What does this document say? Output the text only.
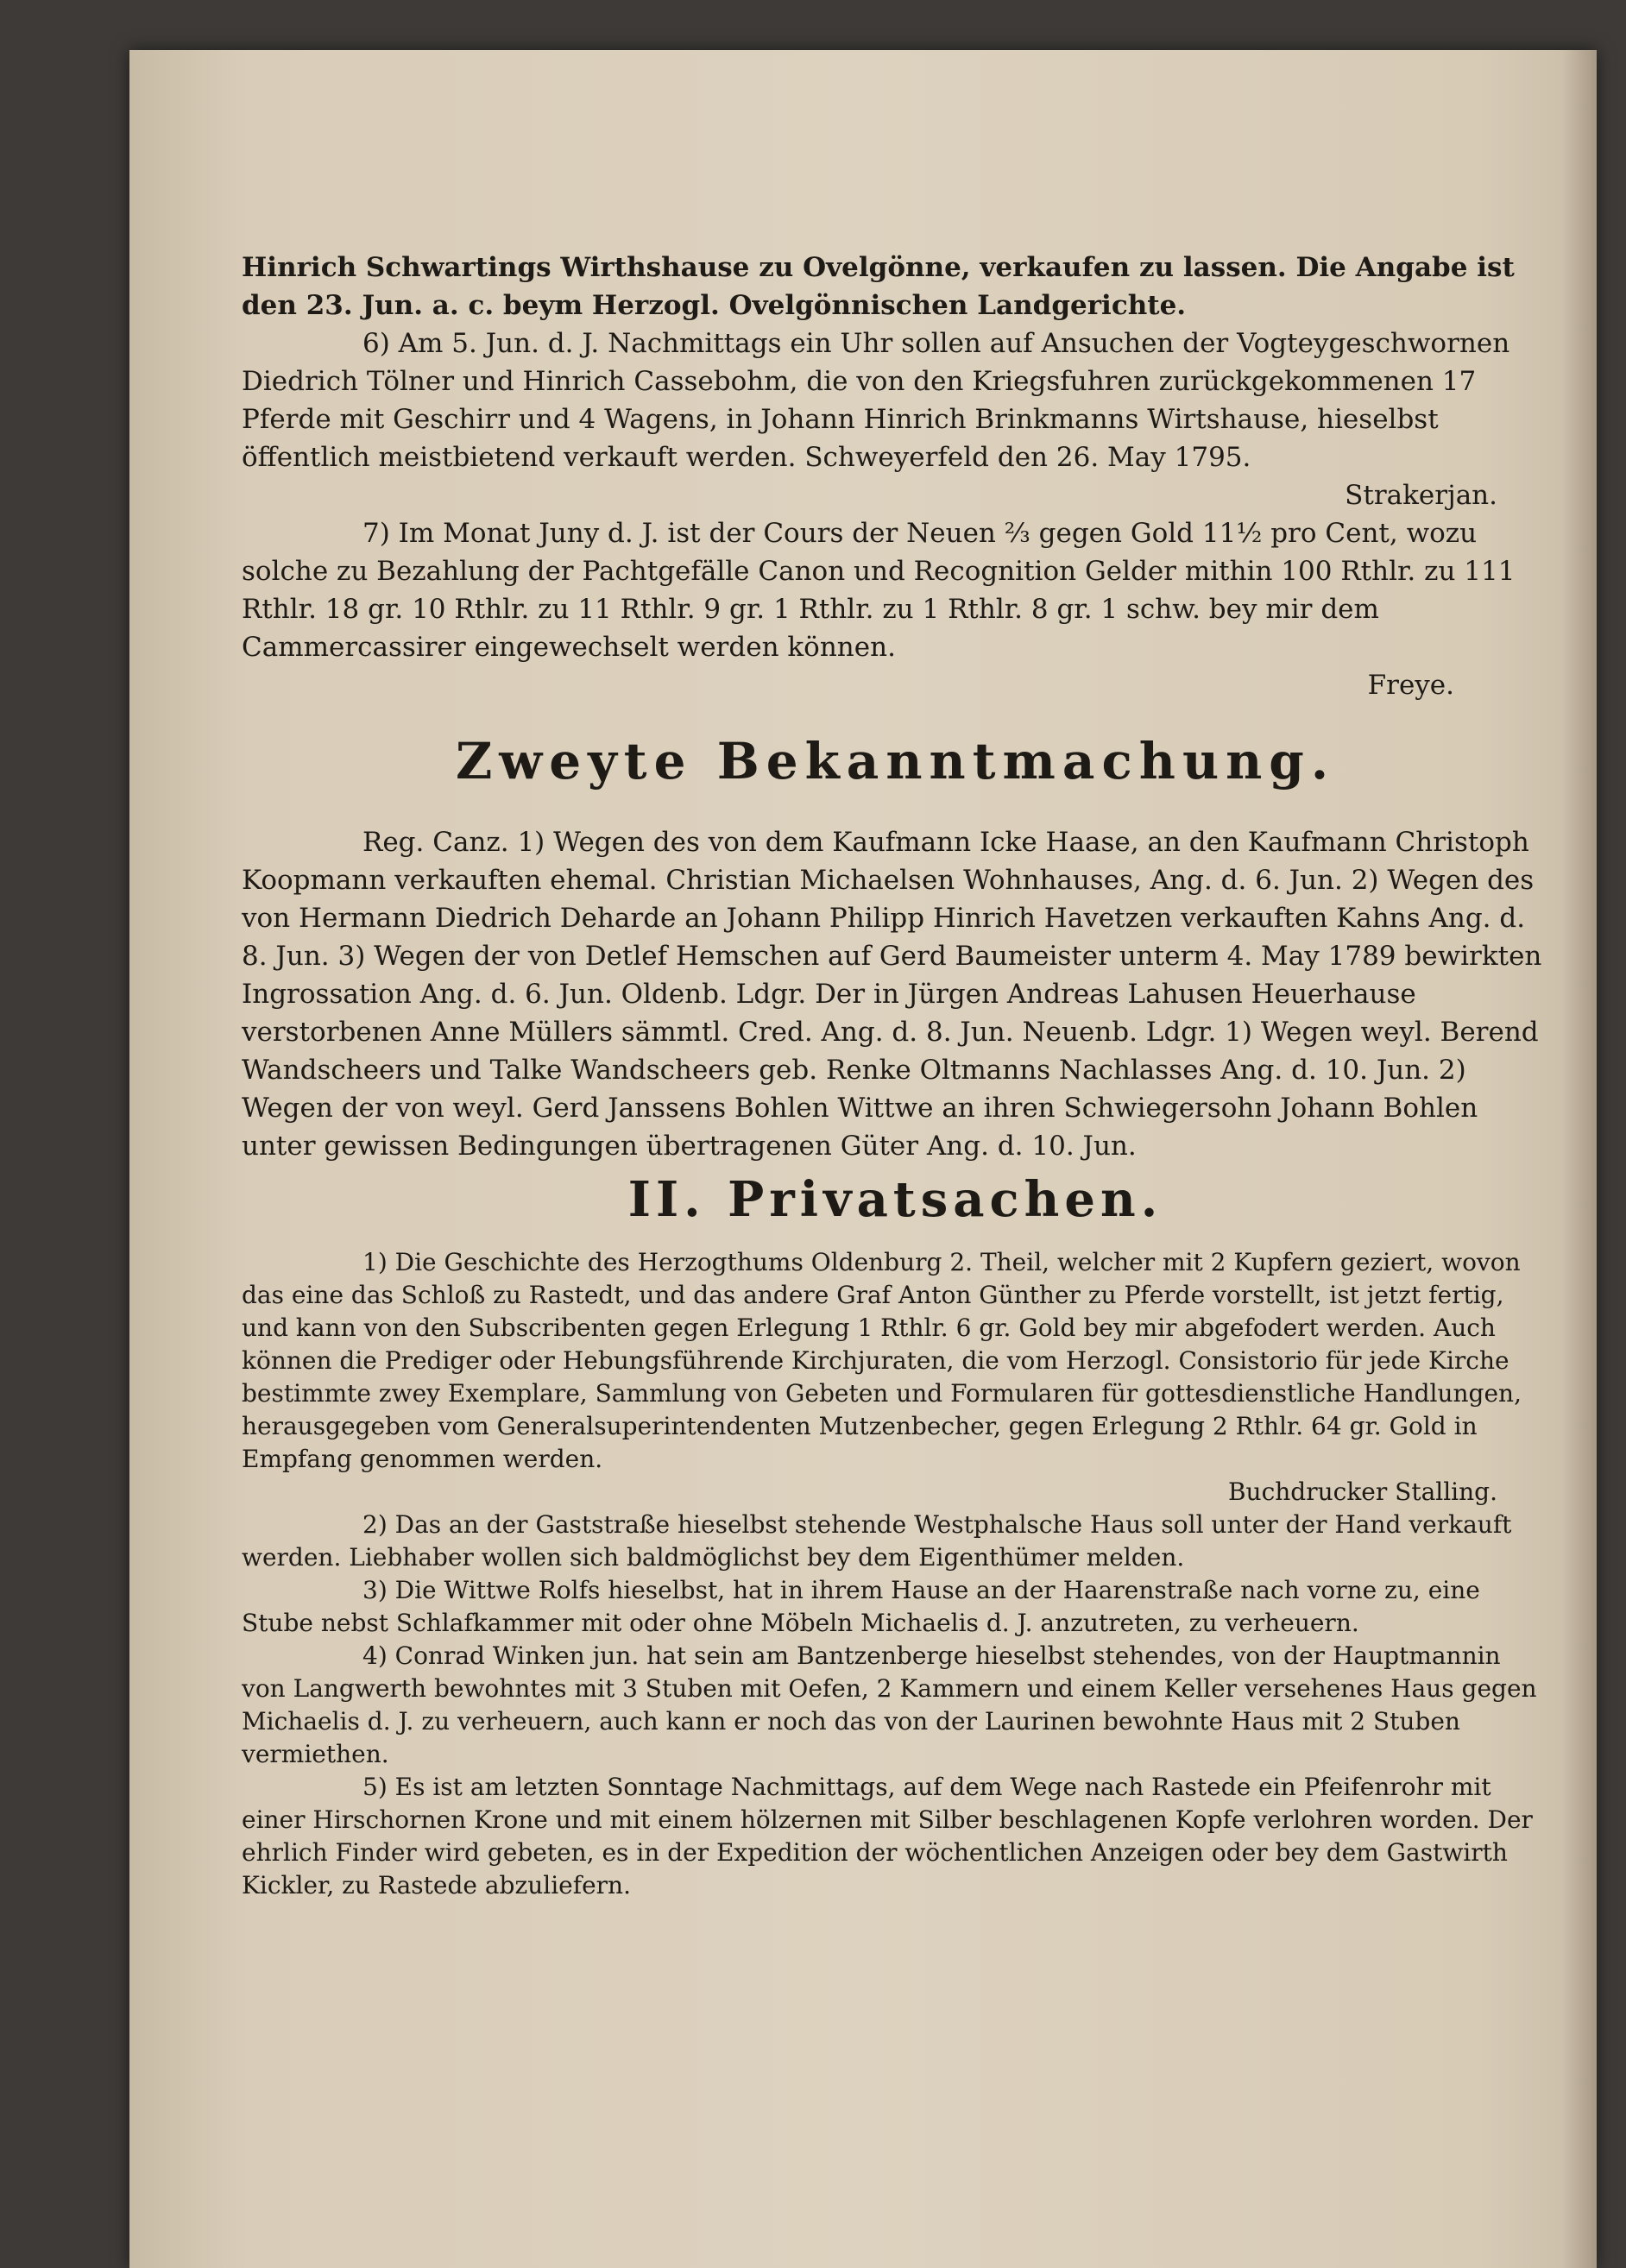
Hinrich Schwartings Wirthshause zu Ovelgönne, verkaufen zu lassen. Die Angabe ist den 23. Jun. a. c. beym Herzogl. Ovelgönnischen Landgerichte.

6) Am 5. Jun. d. J. Nachmittags ein Uhr sollen auf Ansuchen der Vogteygeschwornen Diedrich Tölner und Hinrich Cassebohm, die von den Kriegsfuhren zurückgekommenen 17 Pferde mit Geschirr und 4 Wagens, in Johann Hinrich Brinkmanns Wirtshause, hieselbst öffentlich meistbietend verkauft werden. Schweyerfeld den 26. May 1795.

Strakerjan.

7) Im Monat Juny d. J. ist der Cours der Neuen ⅔ gegen Gold 11½ pro Cent, wozu solche zu Bezahlung der Pachtgefälle Canon und Recognition Gelder mithin 100 Rthlr. zu 111 Rthlr. 18 gr. 10 Rthlr. zu 11 Rthlr. 9 gr. 1 Rthlr. zu 1 Rthlr. 8 gr. 1 schw. bey mir dem Cammercassirer eingewechselt werden können.

Freye.

Zweyte Bekanntmachung.

Reg. Canz. 1) Wegen des von dem Kaufmann Icke Haase, an den Kaufmann Christoph Koopmann verkauften ehemal. Christian Michaelsen Wohnhauses, Ang. d. 6. Jun. 2) Wegen des von Hermann Diedrich Deharde an Johann Philipp Hinrich Havetzen verkauften Kahns Ang. d. 8. Jun. 3) Wegen der von Detlef Hemschen auf Gerd Baumeister unterm 4. May 1789 bewirkten Ingrossation Ang. d. 6. Jun. Oldenb. Ldgr. Der in Jürgen Andreas Lahusen Heuerhause verstorbenen Anne Müllers sämmtl. Cred. Ang. d. 8. Jun. Neuenb. Ldgr. 1) Wegen weyl. Berend Wandscheers und Talke Wandscheers geb. Renke Oltmanns Nachlasses Ang. d. 10. Jun. 2) Wegen der von weyl. Gerd Janssens Bohlen Wittwe an ihren Schwiegersohn Johann Bohlen unter gewissen Bedingungen übertragenen Güter Ang. d. 10. Jun.

II. Privatsachen.

1) Die Geschichte des Herzogthums Oldenburg 2. Theil, welcher mit 2 Kupfern geziert, wovon das eine das Schloß zu Rastedt, und das andere Graf Anton Günther zu Pferde vorstellt, ist jetzt fertig, und kann von den Subscribenten gegen Erlegung 1 Rthlr. 6 gr. Gold bey mir abgefodert werden. Auch können die Prediger oder Hebungsführende Kirchjuraten, die vom Herzogl. Consistorio für jede Kirche bestimmte zwey Exemplare, Sammlung von Gebeten und Formularen für gottesdienstliche Handlungen, herausgegeben vom Generalsuperintendenten Mutzenbecher, gegen Erlegung 2 Rthlr. 64 gr. Gold in Empfang genommen werden.

Buchdrucker Stalling.

2) Das an der Gaststraße hieselbst stehende Westphalsche Haus soll unter der Hand verkauft werden. Liebhaber wollen sich baldmöglichst bey dem Eigenthümer melden.

3) Die Wittwe Rolfs hieselbst, hat in ihrem Hause an der Haarenstraße nach vorne zu, eine Stube nebst Schlafkammer mit oder ohne Möbeln Michaelis d. J. anzutreten, zu verheuern.

4) Conrad Winken jun. hat sein am Bantzenberge hieselbst stehendes, von der Hauptmannin von Langwerth bewohntes mit 3 Stuben mit Oefen, 2 Kammern und einem Keller versehenes Haus gegen Michaelis d. J. zu verheuern, auch kann er noch das von der Laurinen bewohnte Haus mit 2 Stuben vermiethen.

5) Es ist am letzten Sonntage Nachmittags, auf dem Wege nach Rastede ein Pfeifenrohr mit einer Hirschornen Krone und mit einem hölzernen mit Silber beschlagenen Kopfe verlohren worden. Der ehrlich Finder wird gebeten, es in der Expedition der wöchentlichen Anzeigen oder bey dem Gastwirth Kickler, zu Rastede abzuliefern.
